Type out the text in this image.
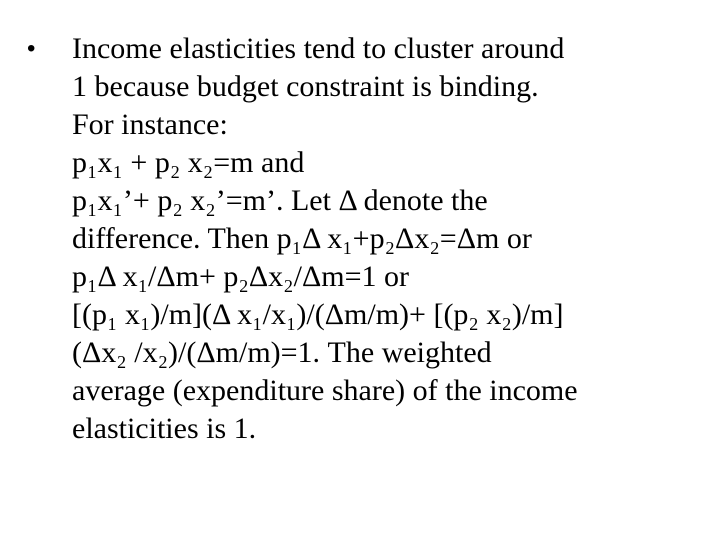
• Income elasticities tend to cluster around
1 because budget constraint is binding.
For instance:
p₁x₁ + p₂ x₂=m and
p₁x₁’+ p₂ x₂’=m’. Let Δ denote the
difference. Then p₁Δ x₁+p₂Δx₂=Δm or
p₁Δ x₁/Δm+ p₂Δx₂/Δm=1 or
[(p₁ x₁)/m](Δ x₁/x₁)/(Δm/m)+ [(p₂ x₂)/m]
(Δx₂ /x₂)/(Δm/m)=1. The weighted
average (expenditure share) of the income
elasticities is 1.
